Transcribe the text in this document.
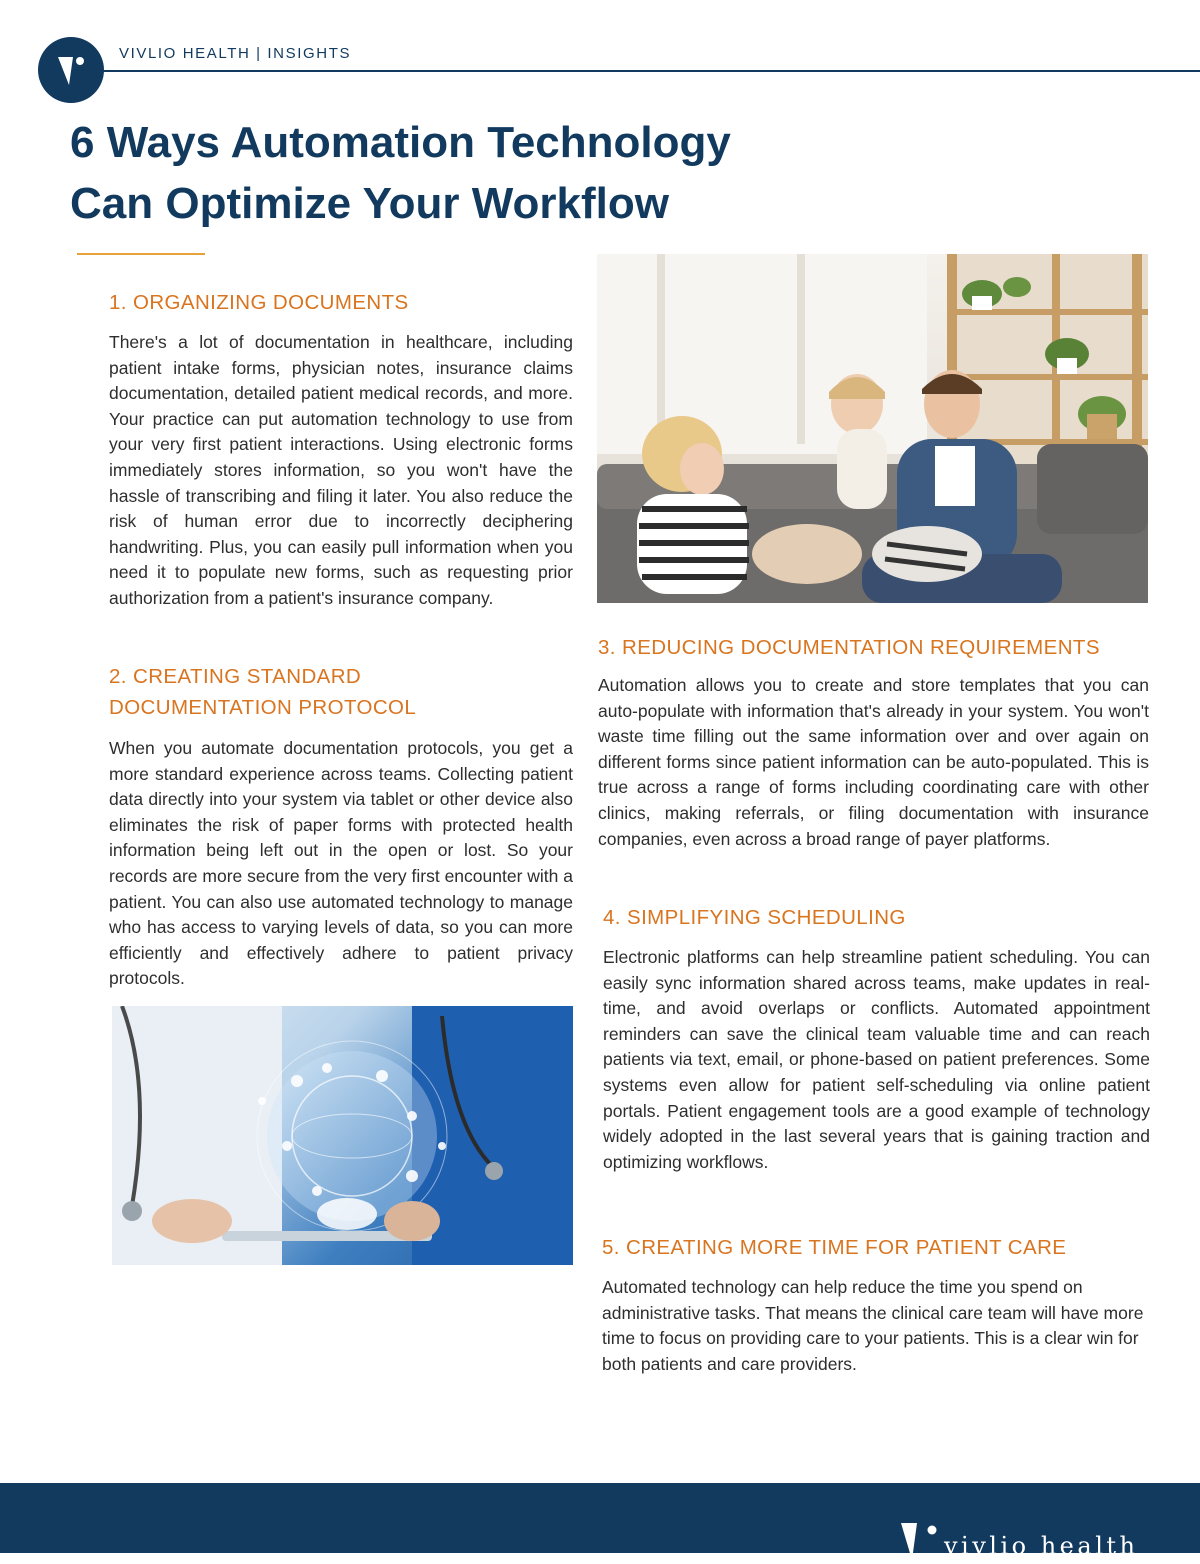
VIVLIO HEALTH | INSIGHTS
6 Ways Automation Technology
Can Optimize Your Workflow
1. ORGANIZING DOCUMENTS

There's a lot of documentation in healthcare, including patient intake forms, physician notes, insurance claims documentation, detailed patient medical records, and more. Your practice can put automation technology to use from your very first patient interactions. Using electronic forms immediately stores information, so you won't have the hassle of transcribing and filing it later. You also reduce the risk of human error due to incorrectly deciphering handwriting. Plus, you can easily pull information when you need it to populate new forms, such as requesting prior authorization from a patient's insurance company.

2. CREATING STANDARD
DOCUMENTATION PROTOCOL

When you automate documentation protocols, you get a more standard experience across teams. Collecting patient data directly into your system via tablet or other device also eliminates the risk of paper forms with protected health information being left out in the open or lost. So your records are more secure from the very first encounter with a patient. You can also use automated technology to manage who has access to varying levels of data, so you can more efficiently and effectively adhere to patient privacy protocols.

3. REDUCING DOCUMENTATION REQUIREMENTS

Automation allows you to create and store templates that you can auto-populate with information that's already in your system. You won't waste time filling out the same information over and over again on different forms since patient information can be auto-populated. This is true across a range of forms including coordinating care with other clinics, making referrals, or filing documentation with insurance companies, even across a broad range of payer platforms.

4. SIMPLIFYING SCHEDULING

Electronic platforms can help streamline patient scheduling. You can easily sync information shared across teams, make updates in real-time, and avoid overlaps or conflicts. Automated appointment reminders can save the clinical team valuable time and can reach patients via text, email, or phone-based on patient preferences. Some systems even allow for patient self-scheduling via online patient portals. Patient engagement tools are a good example of technology widely adopted in the last several years that is gaining traction and optimizing workflows.

5. CREATING MORE TIME FOR PATIENT CARE

Automated technology can help reduce the time you spend on administrative tasks. That means the clinical care team will have more time to focus on providing care to your patients. This is a clear win for both patients and care providers.

vivlio health
